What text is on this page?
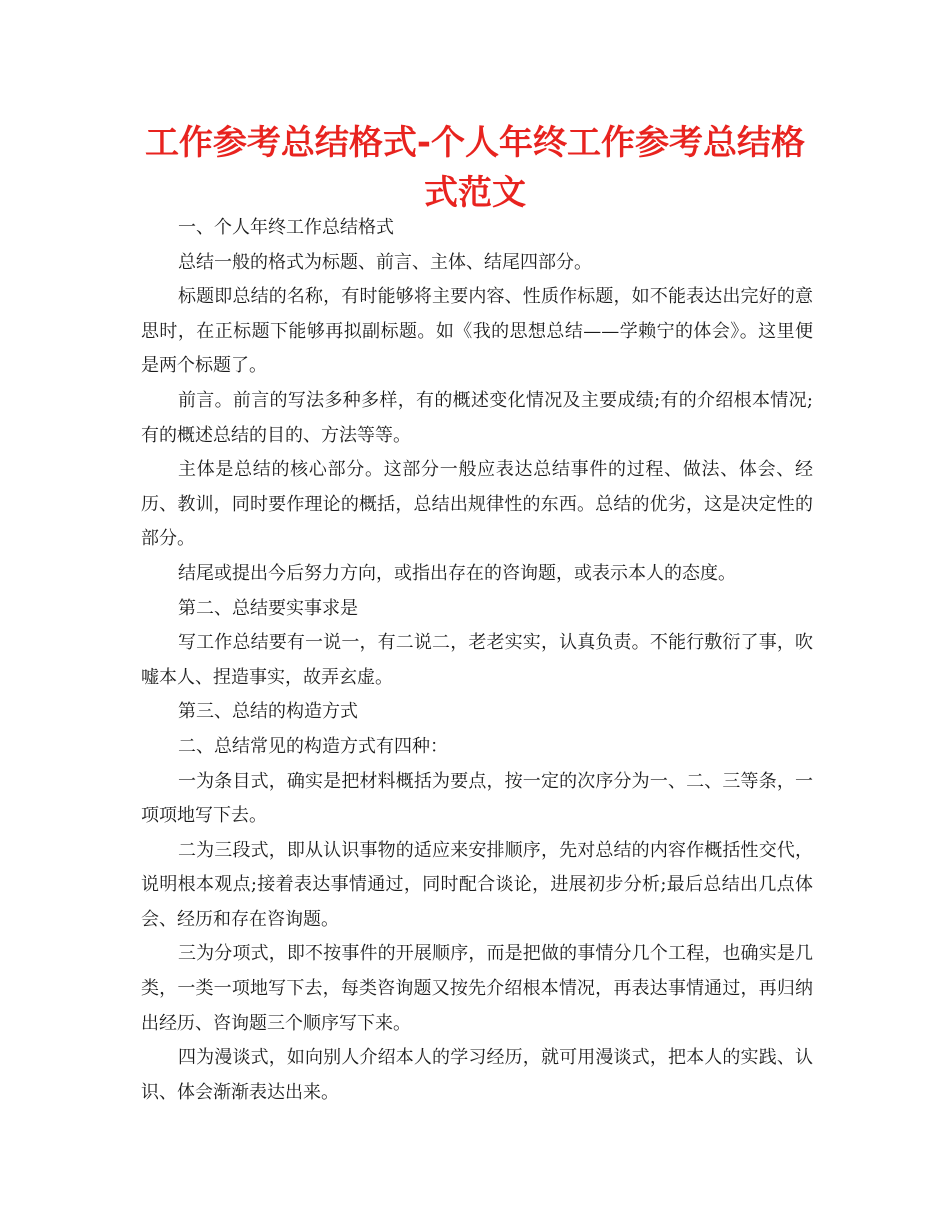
工作参考总结格式-个人年终工作参考总结格式范文

一、个人年终工作总结格式

总结一般的格式为标题、前言、主体、结尾四部分。

标题即总结的名称，有时能够将主要内容、性质作标题，如不能表达出完好的意思时，在正标题下能够再拟副标题。如《我的思想总结——学赖宁的体会》。这里便是两个标题了。

前言。前言的写法多种多样，有的概述变化情况及主要成绩;有的介绍根本情况;有的概述总结的目的、方法等等。

主体是总结的核心部分。这部分一般应表达总结事件的过程、做法、体会、经历、教训，同时要作理论的概括，总结出规律性的东西。总结的优劣，这是决定性的部分。

结尾或提出今后努力方向，或指出存在的咨询题，或表示本人的态度。

第二、总结要实事求是

写工作总结要有一说一，有二说二，老老实实，认真负责。不能行敷衍了事，吹嘘本人、捏造事实，故弄玄虚。

第三、总结的构造方式

二、总结常见的构造方式有四种：

一为条目式，确实是把材料概括为要点，按一定的次序分为一、二、三等条，一项项地写下去。

二为三段式，即从认识事物的适应来安排顺序，先对总结的内容作概括性交代，说明根本观点;接着表达事情通过，同时配合谈论，进展初步分析;最后总结出几点体会、经历和存在咨询题。

三为分项式，即不按事件的开展顺序，而是把做的事情分几个工程，也确实是几类，一类一项地写下去，每类咨询题又按先介绍根本情况，再表达事情通过，再归纳出经历、咨询题三个顺序写下来。

四为漫谈式，如向别人介绍本人的学习经历，就可用漫谈式，把本人的实践、认识、体会渐渐表达出来。
